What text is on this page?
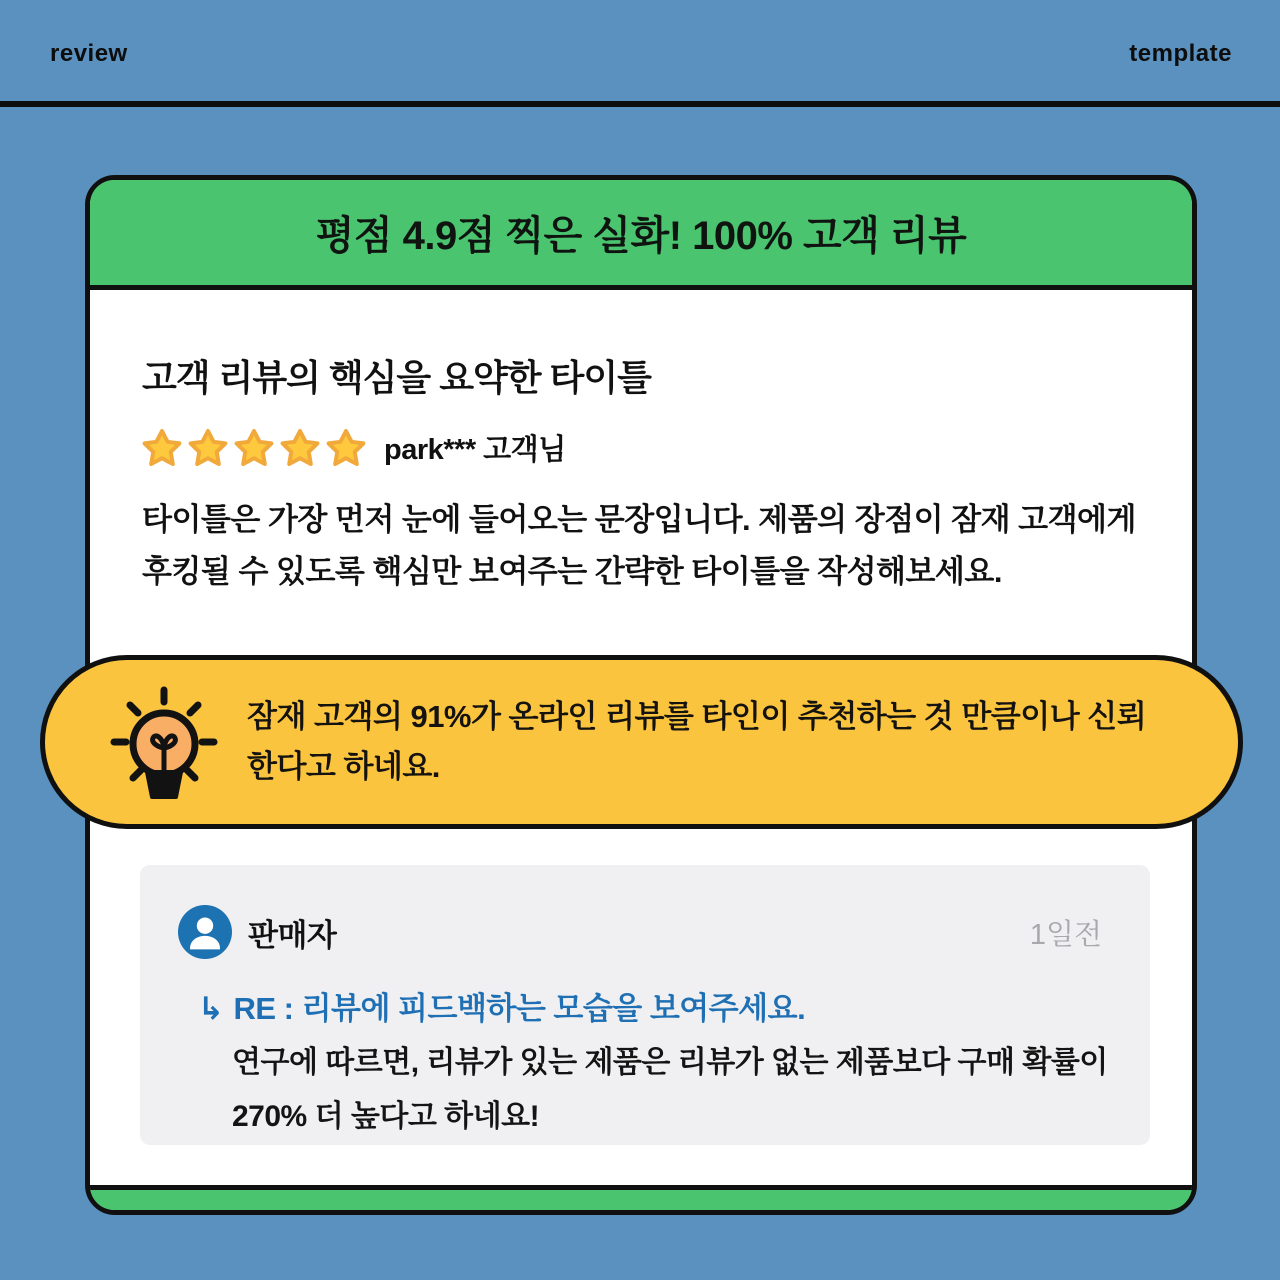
review	template
평점 4.9점 찍은 실화! 100% 고객 리뷰
고객 리뷰의 핵심을 요약한 타이틀
park*** 고객님
타이틀은 가장 먼저 눈에 들어오는 문장입니다. 제품의 장점이 잠재 고객에게 후킹될 수 있도록 핵심만 보여주는 간략한 타이틀을 작성해보세요.
잠재 고객의 91%가 온라인 리뷰를 타인이 추천하는 것 만큼이나 신뢰한다고 하네요.
판매자	1일전
↳ RE : 리뷰에 피드백하는 모습을 보여주세요.
연구에 따르면, 리뷰가 있는 제품은 리뷰가 없는 제품보다 구매 확률이 270% 더 높다고 하네요!
